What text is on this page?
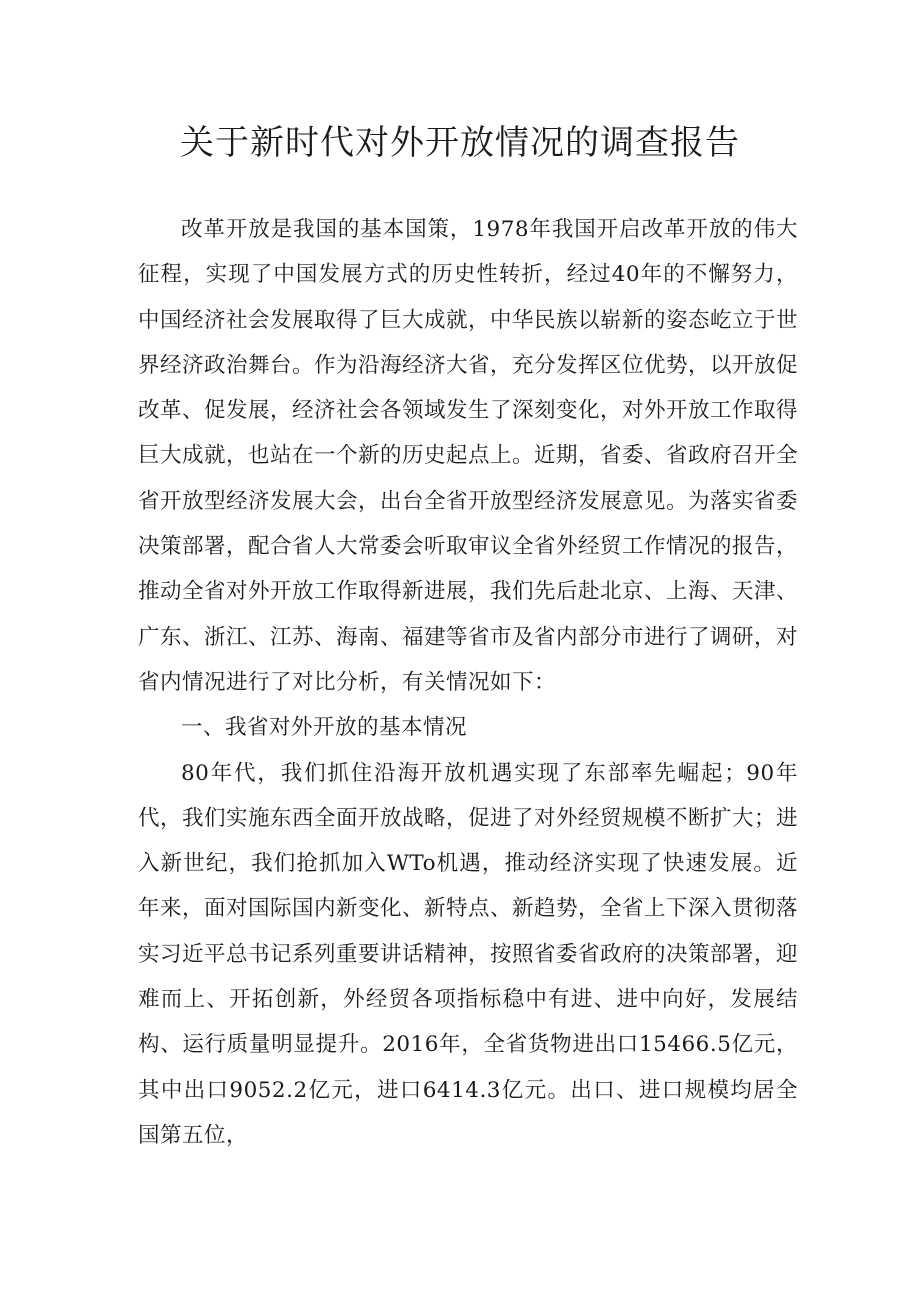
关于新时代对外开放情况的调查报告

改革开放是我国的基本国策，1978年我国开启改革开放的伟大征程，实现了中国发展方式的历史性转折，经过40年的不懈努力，中国经济社会发展取得了巨大成就，中华民族以崭新的姿态屹立于世界经济政治舞台。作为沿海经济大省，充分发挥区位优势，以开放促改革、促发展，经济社会各领域发生了深刻变化，对外开放工作取得巨大成就，也站在一个新的历史起点上。近期，省委、省政府召开全省开放型经济发展大会，出台全省开放型经济发展意见。为落实省委决策部署，配合省人大常委会听取审议全省外经贸工作情况的报告，推动全省对外开放工作取得新进展，我们先后赴北京、上海、天津、广东、浙江、江苏、海南、福建等省市及省内部分市进行了调研，对省内情况进行了对比分析，有关情况如下：

一、我省对外开放的基本情况

80年代，我们抓住沿海开放机遇实现了东部率先崛起；90年代，我们实施东西全面开放战略，促进了对外经贸规模不断扩大；进入新世纪，我们抢抓加入WTo机遇，推动经济实现了快速发展。近年来，面对国际国内新变化、新特点、新趋势，全省上下深入贯彻落实习近平总书记系列重要讲话精神，按照省委省政府的决策部署，迎难而上、开拓创新，外经贸各项指标稳中有进、进中向好，发展结构、运行质量明显提升。2016年，全省货物进出口15466.5亿元，其中出口9052.2亿元，进口6414.3亿元。出口、进口规模均居全国第五位，
